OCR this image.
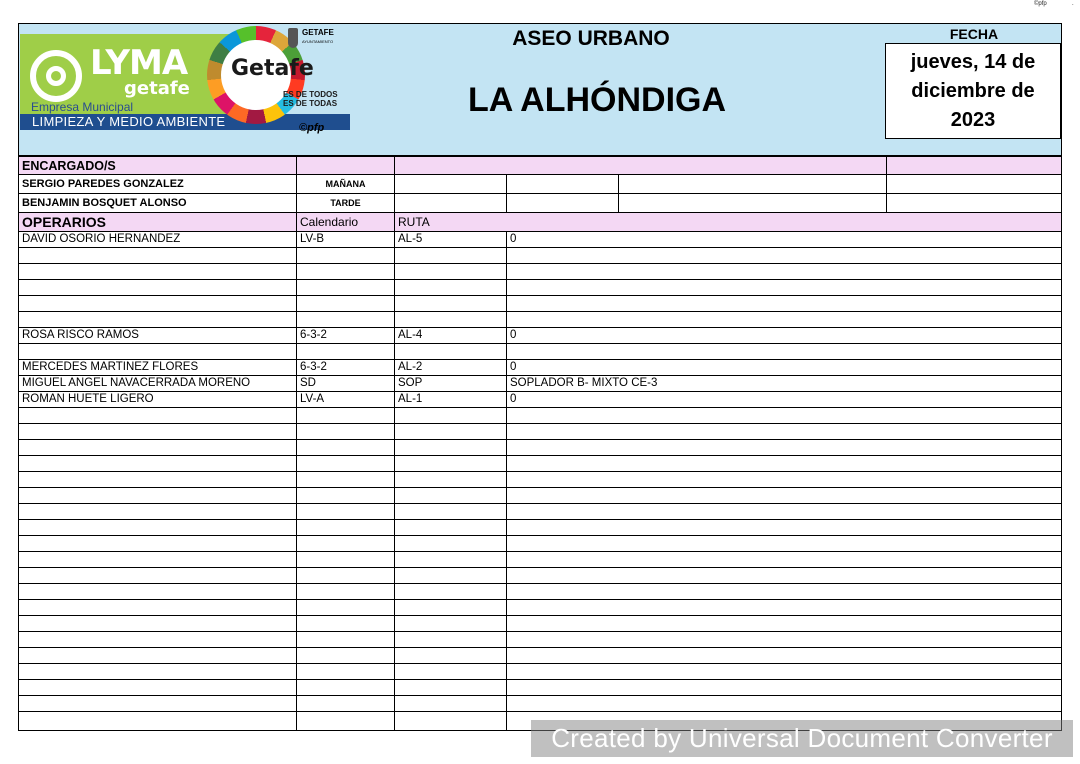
©pfp	.
LYMA
getafe
Empresa Municipal
LIMPIEZA Y MEDIO AMBIENTE
Getafe
GETAFE
AYUNTAMIENTO
ES DE TODOS
ES DE TODAS
©pfp
ASEO URBANO
LA ALHÓNDIGA
FECHA
jueves, 14 de diciembre de 2023
ENCARGADO/S
SERGIO PAREDES GONZALEZ	MAÑANA
BENJAMIN BOSQUET ALONSO	TARDE
OPERARIOS	Calendario	RUTA
DAVID OSORIO HERNANDEZ	LV-B	AL-5	0
ROSA RISCO RAMOS	6-3-2	AL-4	0
MERCEDES MARTINEZ FLORES	6-3-2	AL-2	0
MIGUEL ANGEL NAVACERRADA MORENO	SD	SOP	SOPLADOR B- MIXTO CE-3
ROMAN HUETE LIGERO	LV-A	AL-1	0
Created by Universal Document Converter
